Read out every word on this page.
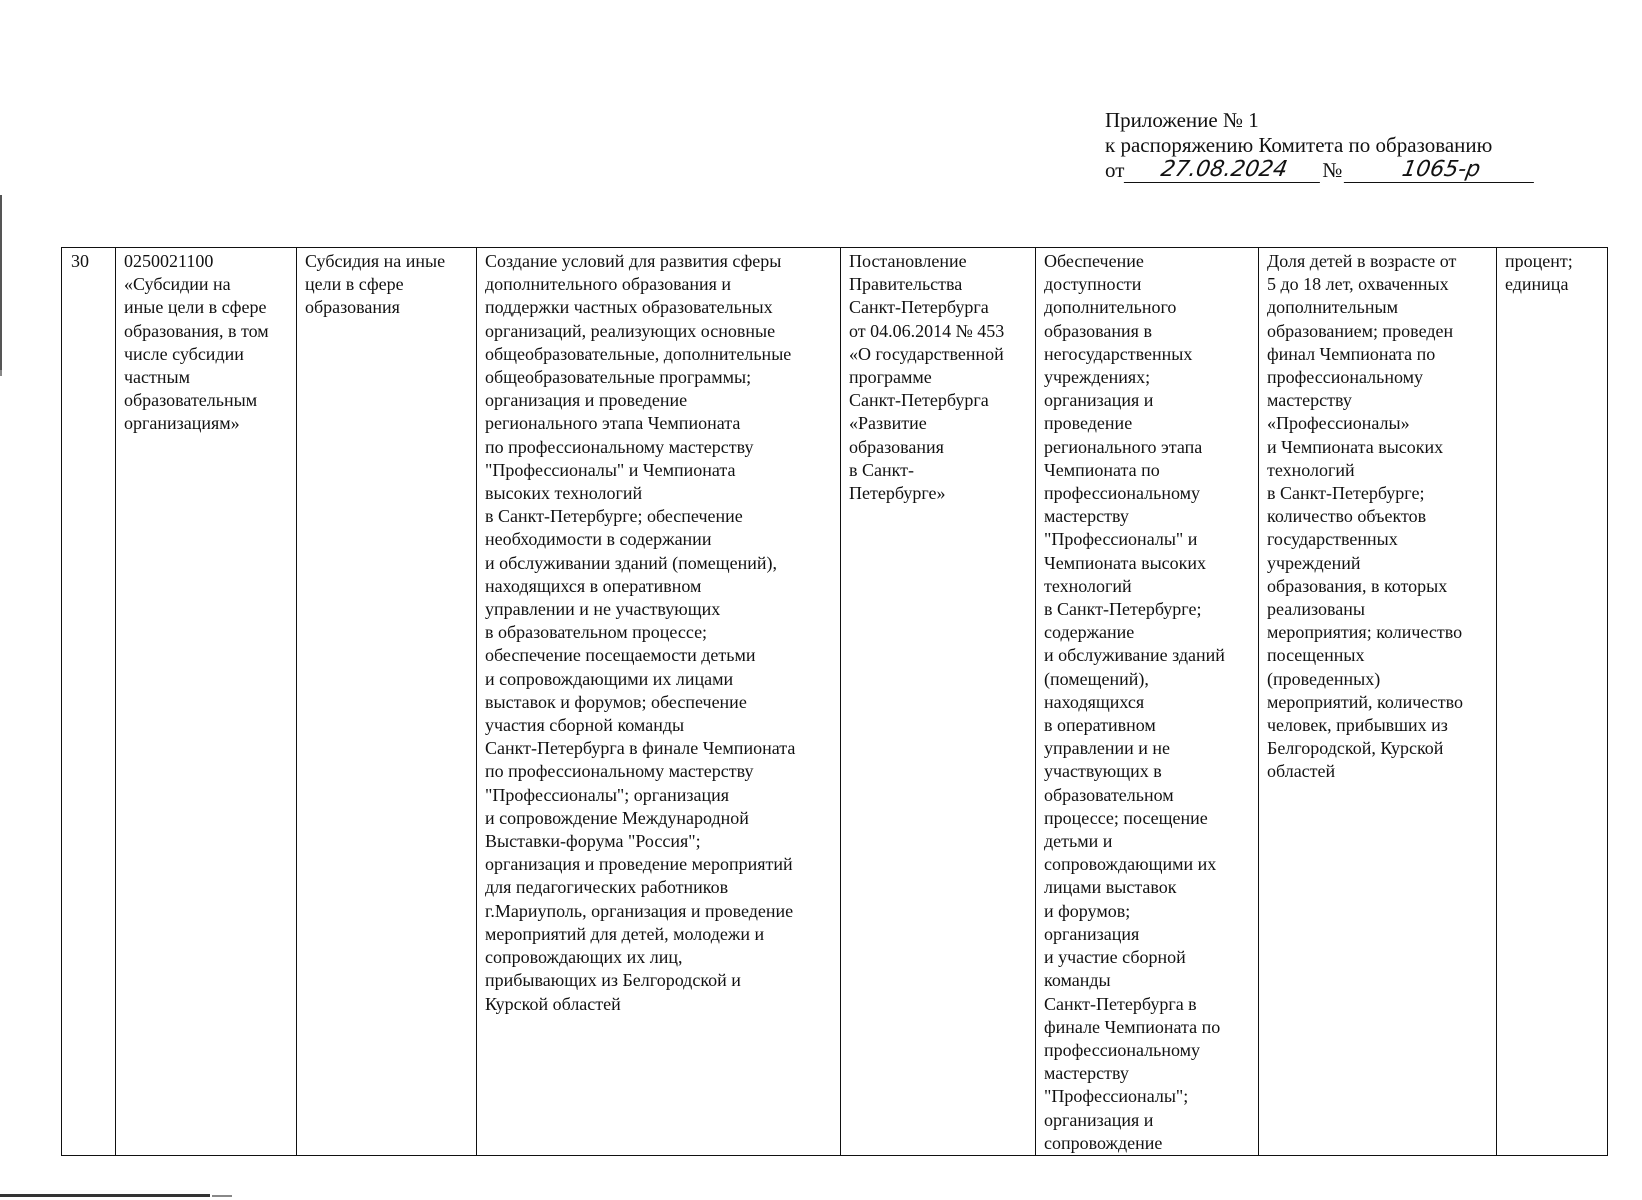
Приложение № 1
к распоряжению Комитета по образованию
от	27.08.2024	№	1065-р
30	0250021100
«Субсидии на
иные цели в сфере
образования, в том
числе субсидии
частным
образовательным
организациям»	Субсидия на иные
цели в сфере
образования	Создание условий для развития сферы
дополнительного образования и
поддержки частных образовательных
организаций, реализующих основные
общеобразовательные, дополнительные
общеобразовательные программы;
организация и проведение
регионального этапа Чемпионата
по профессиональному мастерству
"Профессионалы" и Чемпионата
высоких технологий
в Санкт-Петербурге; обеспечение
необходимости в содержании
и обслуживании зданий (помещений),
находящихся в оперативном
управлении и не участвующих
в образовательном процессе;
обеспечение посещаемости детьми
и сопровождающими их лицами
выставок и форумов; обеспечение
участия сборной команды
Санкт-Петербурга в финале Чемпионата
по профессиональному мастерству
"Профессионалы"; организация
и сопровождение Международной
Выставки-форума "Россия";
организация и проведение мероприятий
для педагогических работников
г.Мариуполь, организация и проведение
мероприятий для детей, молодежи и
сопровождающих их лиц,
прибывающих из Белгородской и
Курской областей	Постановление
Правительства
Санкт-Петербурга
от 04.06.2014 № 453
«О государственной
программе
Санкт-Петербурга
«Развитие
образования
в Санкт-
Петербурге»	Обеспечение
доступности
дополнительного
образования в
негосударственных
учреждениях;
организация и
проведение
регионального этапа
Чемпионата по
профессиональному
мастерству
"Профессионалы" и
Чемпионата высоких
технологий
в Санкт-Петербурге;
содержание
и обслуживание зданий
(помещений),
находящихся
в оперативном
управлении и не
участвующих в
образовательном
процессе; посещение
детьми и
сопровождающими их
лицами выставок
и форумов;
организация
и участие сборной
команды
Санкт-Петербурга в
финале Чемпионата по
профессиональному
мастерству
"Профессионалы";
организация и
сопровождение	Доля детей в возрасте от
5 до 18 лет, охваченных
дополнительным
образованием; проведен
финал Чемпионата по
профессиональному
мастерству
«Профессионалы»
и Чемпионата высоких
технологий
в Санкт-Петербурге;
количество объектов
государственных
учреждений
образования, в которых
реализованы
мероприятия; количество
посещенных
(проведенных)
мероприятий, количество
человек, прибывших из
Белгородской, Курской
областей	процент;
единица
